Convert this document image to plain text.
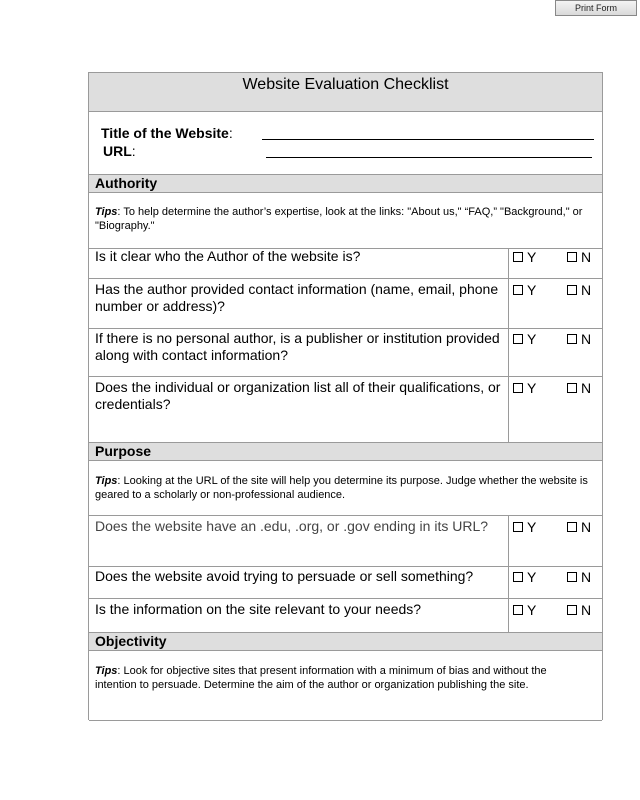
Print Form
Website Evaluation Checklist
Title of the Website:
URL:
Authority
Tips: To help determine the author’s expertise, look at the links: "About us," “FAQ,” "Background," or "Biography."
Is it clear who the Author of the website is?	Y	N
Has the author provided contact information (name, email, phone number or address)?
Y	N
If there is no personal author, is a publisher or institution provided along with contact information?
Y	N
Does the individual or organization list all of their qualifications, or credentials?
Y	N
Purpose
Tips: Looking at the URL of the site will help you determine its purpose. Judge whether the website is geared to a scholarly or non-professional audience.
Does the website have an .edu, .org, or .gov ending in its URL?	Y	N
Does the website avoid trying to persuade or sell something?	Y	N
Is the information on the site relevant to your needs?	Y	N
Objectivity
Tips: Look for objective sites that present information with a minimum of bias and without the intention to persuade. Determine the aim of the author or organization publishing the site.
